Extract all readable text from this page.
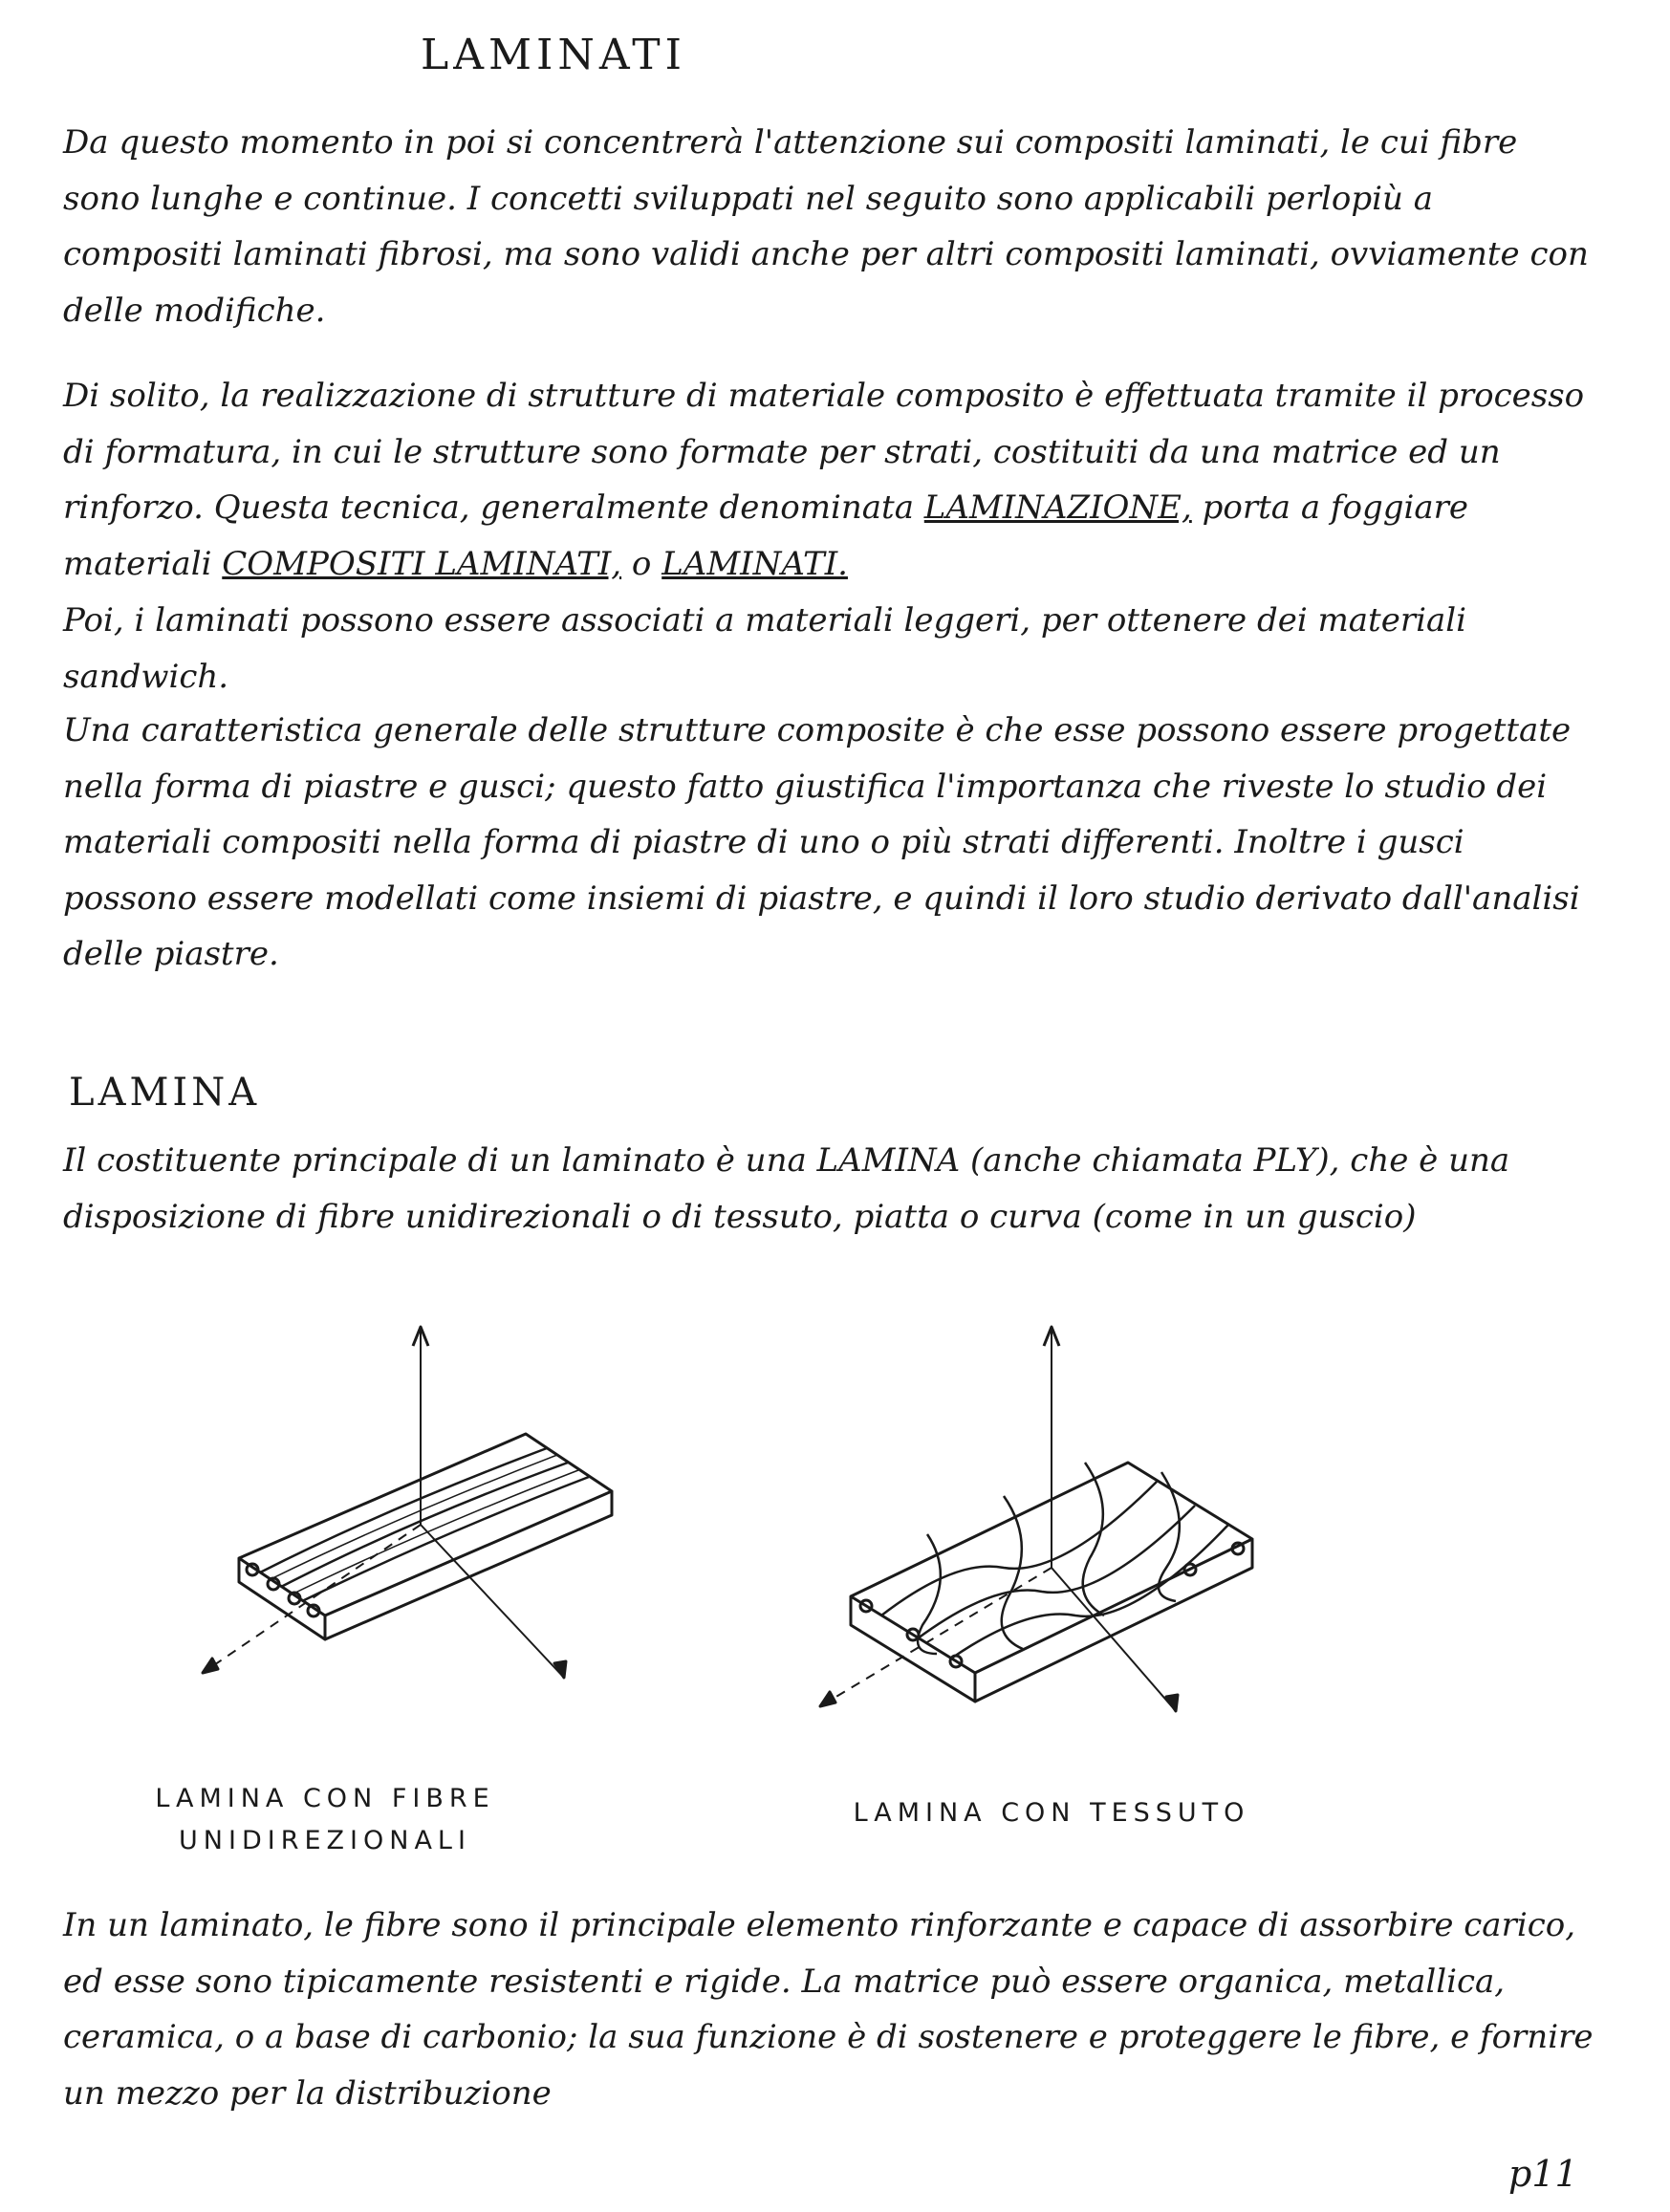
LAMINATI

Da questo momento in poi si concentrerà l'attenzione sui compositi laminati, le cui fibre sono lunghe e continue. I concetti sviluppati nel seguito sono applicabili perlopiù a compositi laminati fibrosi, ma sono validi anche per altri compositi laminati, ovviamente con delle modifiche.

Di solito, la realizzazione di strutture di materiale composito è effettuata tramite il processo di formatura, in cui le strutture sono formate per strati, costituiti da una matrice ed un rinforzo. Questa tecnica, generalmente denominata LAMINAZIONE, porta a foggiare materiali COMPOSITI LAMINATI, o LAMINATI.

Poi, i laminati possono essere associati a materiali leggeri, per ottenere dei materiali sandwich.

Una caratteristica generale delle strutture composite è che esse possono essere progettate nella forma di piastre e gusci; questo fatto giustifica l'importanza che riveste lo studio dei materiali compositi nella forma di piastre di uno o più strati differenti. Inoltre i gusci possono essere modellati come insiemi di piastre, e quindi il loro studio derivato dall'analisi delle piastre.

LAMINA

Il costituente principale di un laminato è una LAMINA (anche chiamata PLY), che è una disposizione di fibre unidirezionali o di tessuto, piatta o curva (come in un guscio)

LAMINA CON FIBRE
UNIDIREZIONALI
LAMINA CON TESSUTO

In un laminato, le fibre sono il principale elemento rinforzante e capace di assorbire carico, ed esse sono tipicamente resistenti e rigide. La matrice può essere organica, metallica, ceramica, o a base di carbonio; la sua funzione è di sostenere e proteggere le fibre, e fornire un mezzo per la distribuzione

p11
